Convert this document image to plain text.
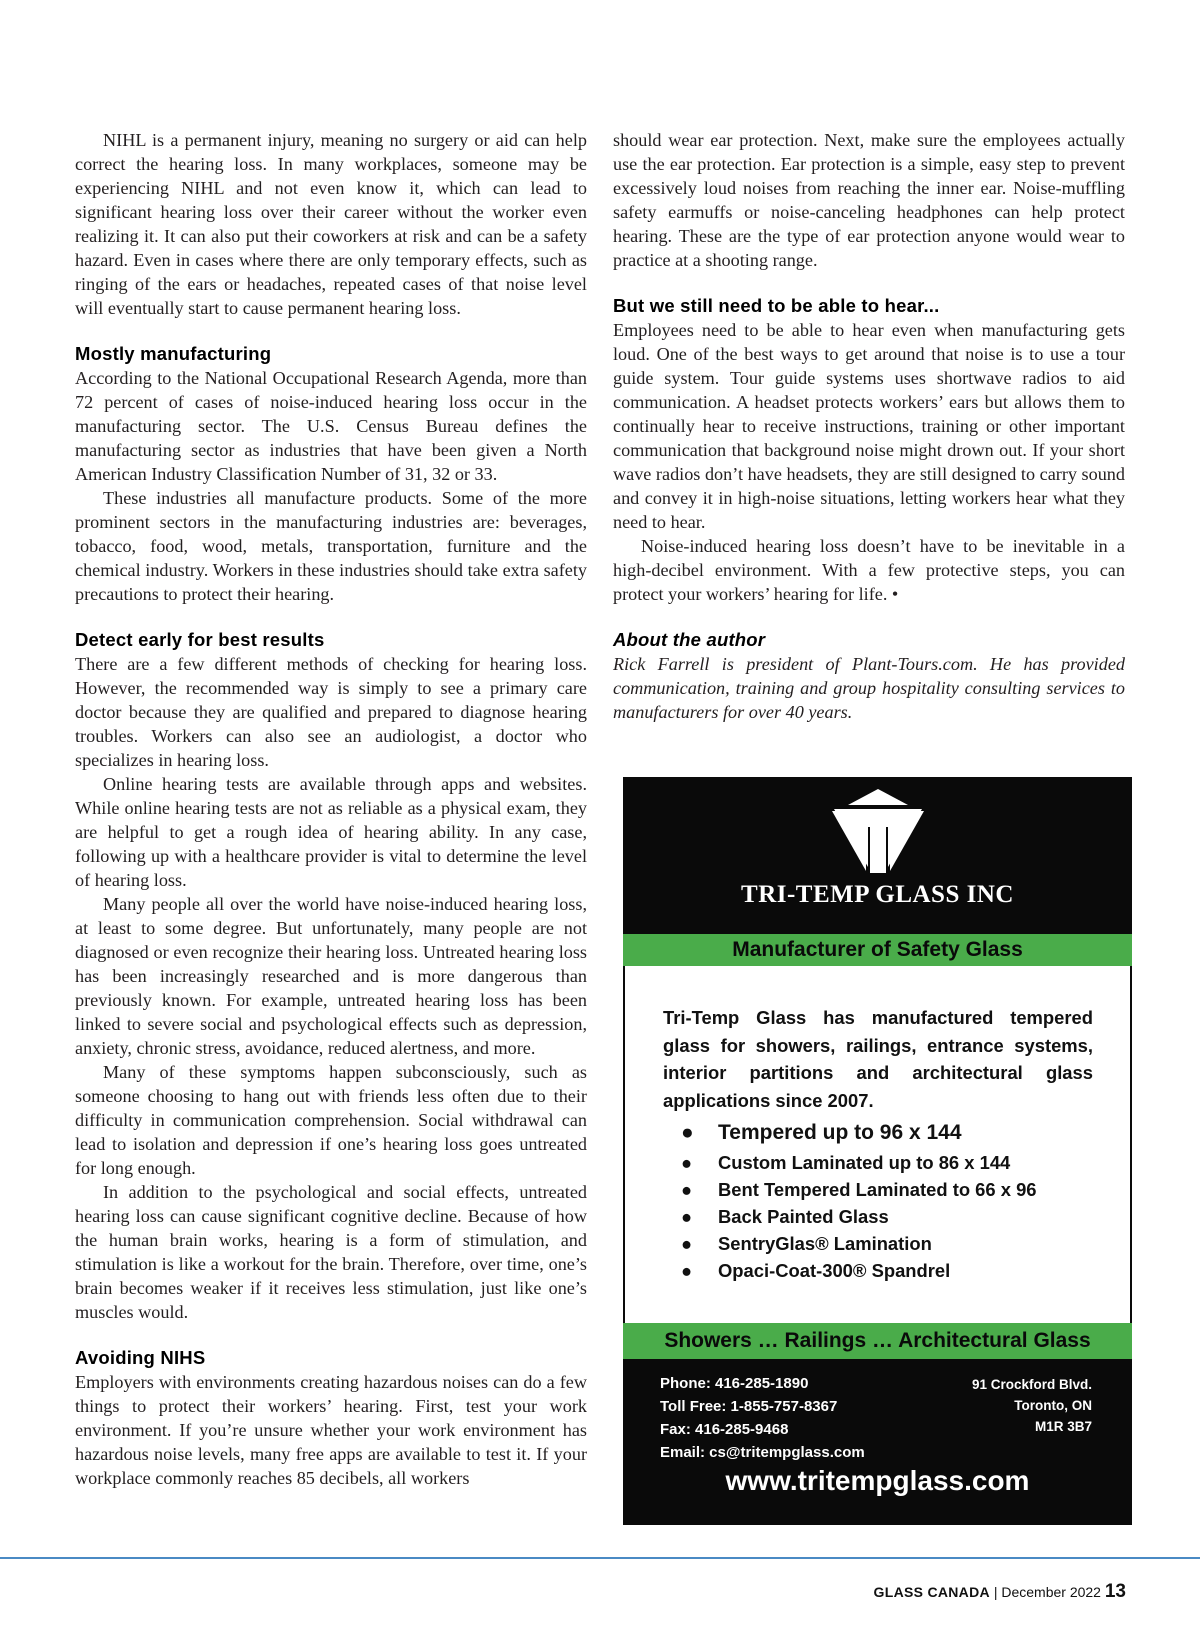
NIHL is a permanent injury, meaning no surgery or aid can help correct the hearing loss. In many workplaces, someone may be experiencing NIHL and not even know it, which can lead to significant hearing loss over their career without the worker even realizing it. It can also put their coworkers at risk and can be a safety hazard. Even in cases where there are only temporary effects, such as ringing of the ears or headaches, repeated cases of that noise level will eventually start to cause permanent hearing loss.

Mostly manufacturing

According to the National Occupational Research Agenda, more than 72 percent of cases of noise-induced hearing loss occur in the manufacturing sector. The U.S. Census Bureau defines the manufacturing sector as industries that have been given a North American Industry Classification Number of 31, 32 or 33.

These industries all manufacture products. Some of the more prominent sectors in the manufacturing industries are: beverages, tobacco, food, wood, metals, transportation, furniture and the chemical industry. Workers in these industries should take extra safety precautions to protect their hearing.

Detect early for best results

There are a few different methods of checking for hearing loss. However, the recommended way is simply to see a primary care doctor because they are qualified and prepared to diagnose hearing troubles. Workers can also see an audiologist, a doctor who specializes in hearing loss.

Online hearing tests are available through apps and websites. While online hearing tests are not as reliable as a physical exam, they are helpful to get a rough idea of hearing ability. In any case, following up with a healthcare provider is vital to determine the level of hearing loss.

Many people all over the world have noise-induced hearing loss, at least to some degree. But unfortunately, many people are not diagnosed or even recognize their hearing loss. Untreated hearing loss has been increasingly researched and is more dangerous than previously known. For example, untreated hearing loss has been linked to severe social and psychological effects such as depression, anxiety, chronic stress, avoidance, reduced alertness, and more.

Many of these symptoms happen subconsciously, such as someone choosing to hang out with friends less often due to their difficulty in communication comprehension. Social withdrawal can lead to isolation and depression if one’s hearing loss goes untreated for long enough.

In addition to the psychological and social effects, untreated hearing loss can cause significant cognitive decline. Because of how the human brain works, hearing is a form of stimulation, and stimulation is like a workout for the brain. Therefore, over time, one’s brain becomes weaker if it receives less stimulation, just like one’s muscles would.

Avoiding NIHS

Employers with environments creating hazardous noises can do a few things to protect their workers’ hearing. First, test your work environment. If you’re unsure whether your work environment has hazardous noise levels, many free apps are available to test it. If your workplace commonly reaches 85 decibels, all workers

should wear ear protection. Next, make sure the employees actually use the ear protection. Ear protection is a simple, easy step to prevent excessively loud noises from reaching the inner ear. Noise-muffling safety earmuffs or noise-canceling headphones can help protect hearing. These are the type of ear protection anyone would wear to practice at a shooting range.

But we still need to be able to hear...

Employees need to be able to hear even when manufacturing gets loud. One of the best ways to get around that noise is to use a tour guide system. Tour guide systems uses shortwave radios to aid communication. A headset protects workers’ ears but allows them to continually hear to receive instructions, training or other important communication that background noise might drown out. If your short wave radios don’t have headsets, they are still designed to carry sound and convey it in high-noise situations, letting workers hear what they need to hear.

Noise-induced hearing loss doesn’t have to be inevitable in a high-decibel environment. With a few protective steps, you can protect your workers’ hearing for life. •

About the author

Rick Farrell is president of Plant-Tours.com. He has provided communication, training and group hospitality consulting services to manufacturers for over 40 years.

TRI-TEMP GLASS INC
Manufacturer of Safety Glass

Tri-Temp Glass has manufactured tempered glass for showers, railings, entrance systems, interior partitions and architectural glass applications since 2007.

● Tempered up to 96 x 144
● Custom Laminated up to 86 x 144
● Bent Tempered Laminated to 66 x 96
● Back Painted Glass
● SentryGlas® Lamination
● Opaci-Coat-300® Spandrel
Showers … Railings … Architectural Glass
Phone: 416-285-1890
Toll Free: 1-855-757-8367
Fax: 416-285-9468
Email: cs@tritempglass.com
91 Crockford Blvd.
Toronto, ON
M1R 3B7
www.tritempglass.com
GLASS CANADA | December 2022 13
